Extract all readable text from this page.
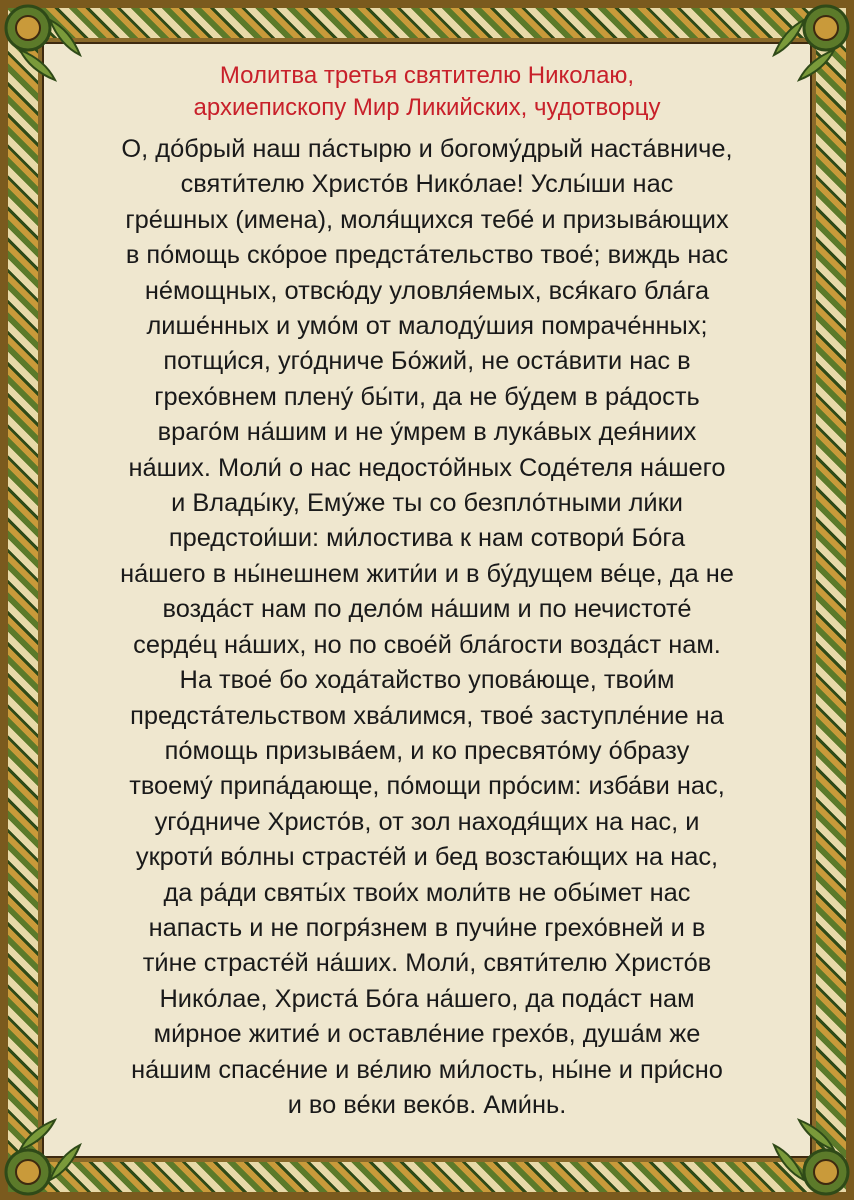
Молитва третья святителю Николаю,
архиепископу Мир Ликийских, чудотворцу
О, до́брый наш па́стырю и богому́дрый наста́вниче,
святи́телю Христо́в Нико́лае! Услы́ши нас
гре́шных (имена), моля́щихся тебе́ и призыва́ющих
в по́мощь ско́рое предста́тельство твое́; виждь нас
не́мощных, отвсю́ду уловля́емых, вся́каго бла́га
лише́нных и умо́м от малоду́шия помраче́нных;
потщи́ся, уго́дниче Бо́жий, не оста́вити нас в
грехо́внем плену́ бы́ти, да не бу́дем в ра́дость
враго́м на́шим и не у́мрем в лука́вых дея́ниих
на́ших. Моли́ о нас недосто́йных Соде́теля на́шего
и Влады́ку, Ему́же ты со безпло́тными ли́ки
предстои́ши: ми́лостива к нам сотвори́ Бо́га
на́шего в ны́нешнем жити́и и в бу́дущем ве́це, да не
возда́ст нам по дело́м на́шим и по нечистоте́
серде́ц на́ших, но по свое́й бла́гости возда́ст нам.
На твое́ бо хода́тайство упова́юще, твои́м
предста́тельством хва́лимся, твое́ заступле́ние на
по́мощь призыва́ем, и ко пресвято́му о́бразу
твоему́ припа́дающе, по́мощи про́сим: изба́ви нас,
уго́дниче Христо́в, от зол находя́щих на нас, и
укроти́ во́лны страсте́й и бед возстаю́щих на нас,
да ра́ди святы́х твои́х моли́тв не обы́мет нас
напасть и не погря́знем в пучи́не грехо́вней и в
ти́не страсте́й на́ших. Моли́, святи́телю Христо́в
Нико́лае, Христа́ Бо́га на́шего, да пода́ст нам
ми́рное житие́ и оставле́ние грехо́в, душа́м же
на́шим спасе́ние и ве́лию ми́лость, ны́не и при́сно
и во ве́ки веко́в. Ами́нь.
